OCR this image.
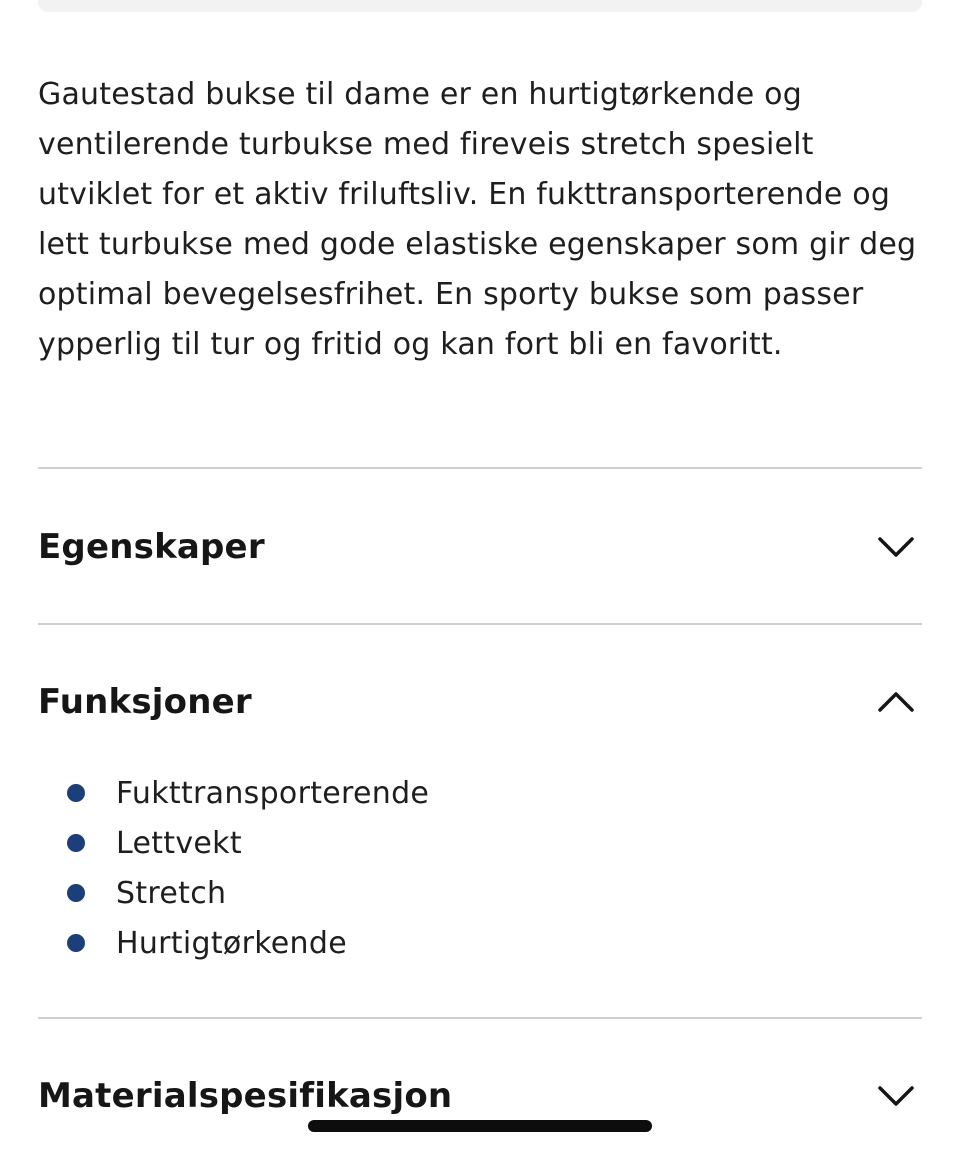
Gautestad bukse til dame er en hurtigtørkende og ventilerende turbukse med fireveis stretch spesielt utviklet for et aktiv friluftsliv. En fukttransporterende og lett turbukse med gode elastiske egenskaper som gir deg optimal bevegelsesfrihet. En sporty bukse som passer ypperlig til tur og fritid og kan fort bli en favoritt.

Egenskaper
Funksjoner
Fukttransporterende
Lettvekt
Stretch
Hurtigtørkende
Materialspesifikasjon
